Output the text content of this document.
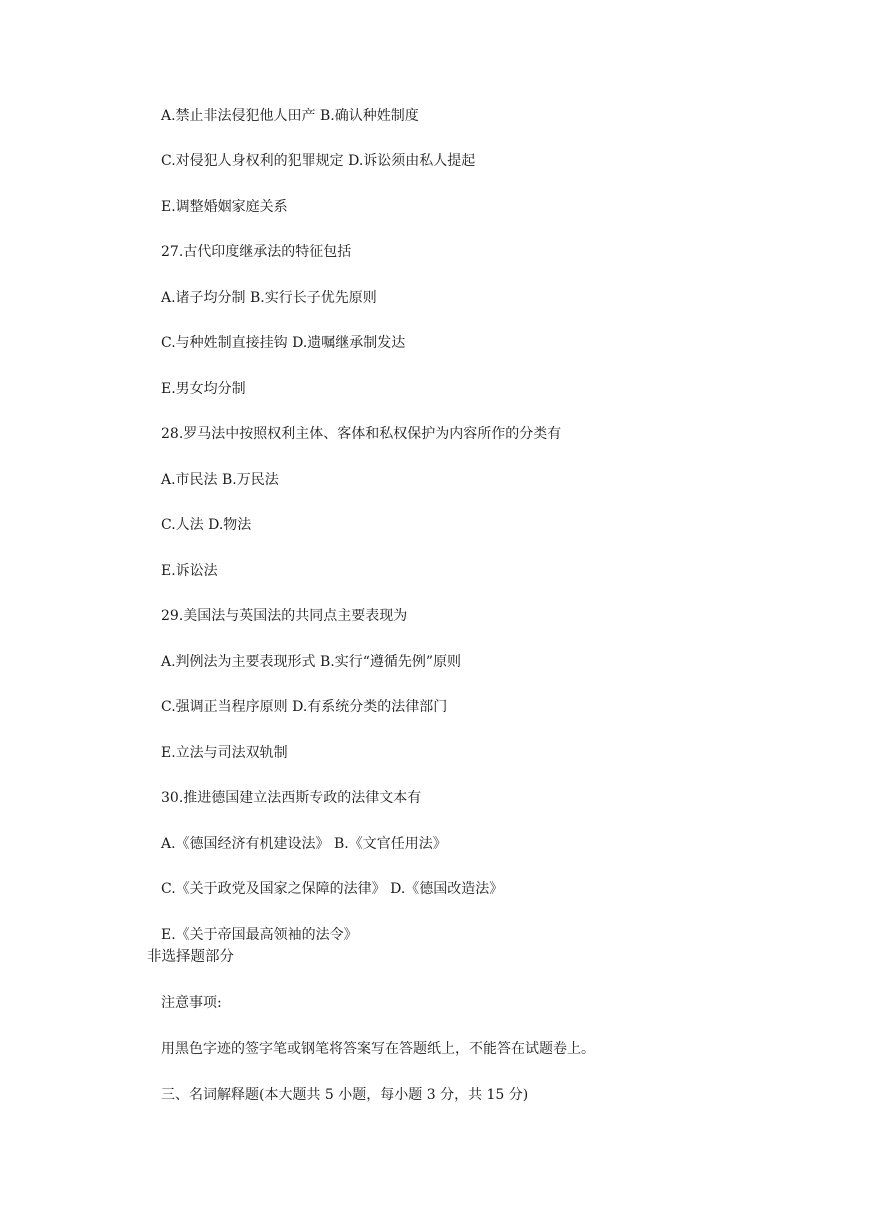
A.禁止非法侵犯他人田产 B.确认种姓制度

C.对侵犯人身权利的犯罪规定 D.诉讼须由私人提起

E.调整婚姻家庭关系

27.古代印度继承法的特征包括

A.诸子均分制 B.实行长子优先原则

C.与种姓制直接挂钩 D.遗嘱继承制发达

E.男女均分制

28.罗马法中按照权利主体、客体和私权保护为内容所作的分类有

A.市民法 B.万民法

C.人法 D.物法

E.诉讼法

29.美国法与英国法的共同点主要表现为

A.判例法为主要表现形式 B.实行“遵循先例”原则

C.强调正当程序原则 D.有系统分类的法律部门

E.立法与司法双轨制

30.推进德国建立法西斯专政的法律文本有

A.《德国经济有机建设法》 B.《文官任用法》

C.《关于政党及国家之保障的法律》 D.《德国改造法》

E.《关于帝国最高领袖的法令》

非选择题部分

注意事项:

用黑色字迹的签字笔或钢笔将答案写在答题纸上，不能答在试题卷上。

三、名词解释题(本大题共 5 小题，每小题 3 分，共 15 分)
